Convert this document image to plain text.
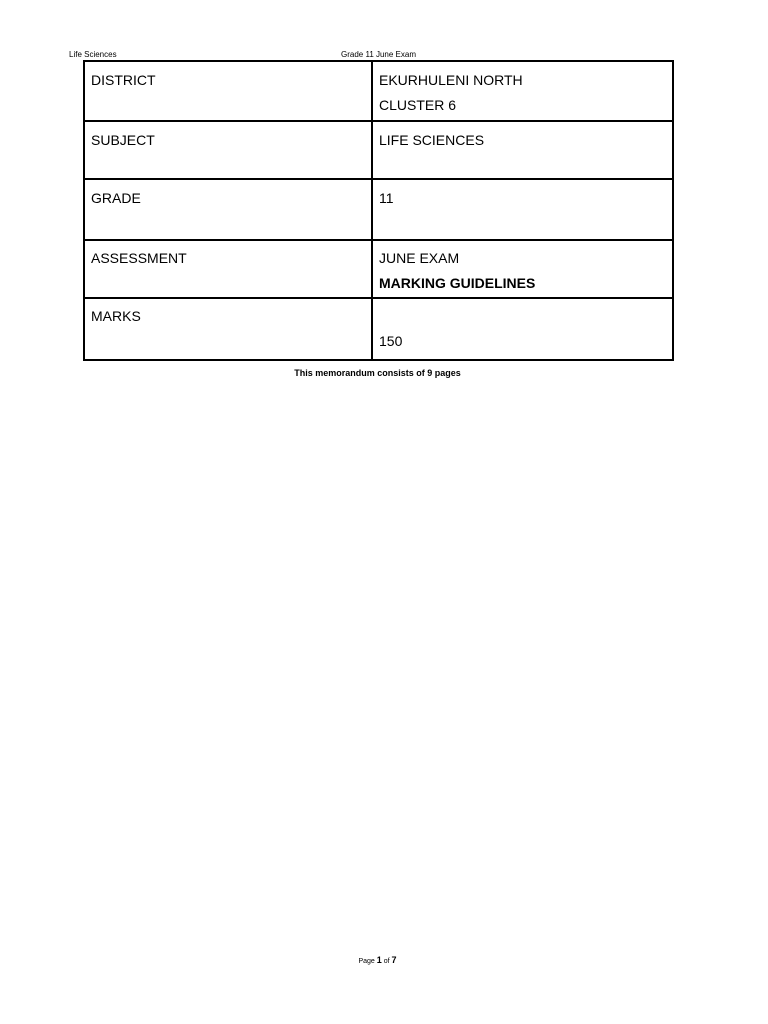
Life Sciences	Grade 11 June Exam
DISTRICT	EKURHULENI NORTH
CLUSTER 6

SUBJECT	LIFE SCIENCES

GRADE	11

ASSESSMENT	JUNE EXAM
MARKING GUIDELINES

MARKS	150
This memorandum consists of 9 pages
Page 1 of 7
